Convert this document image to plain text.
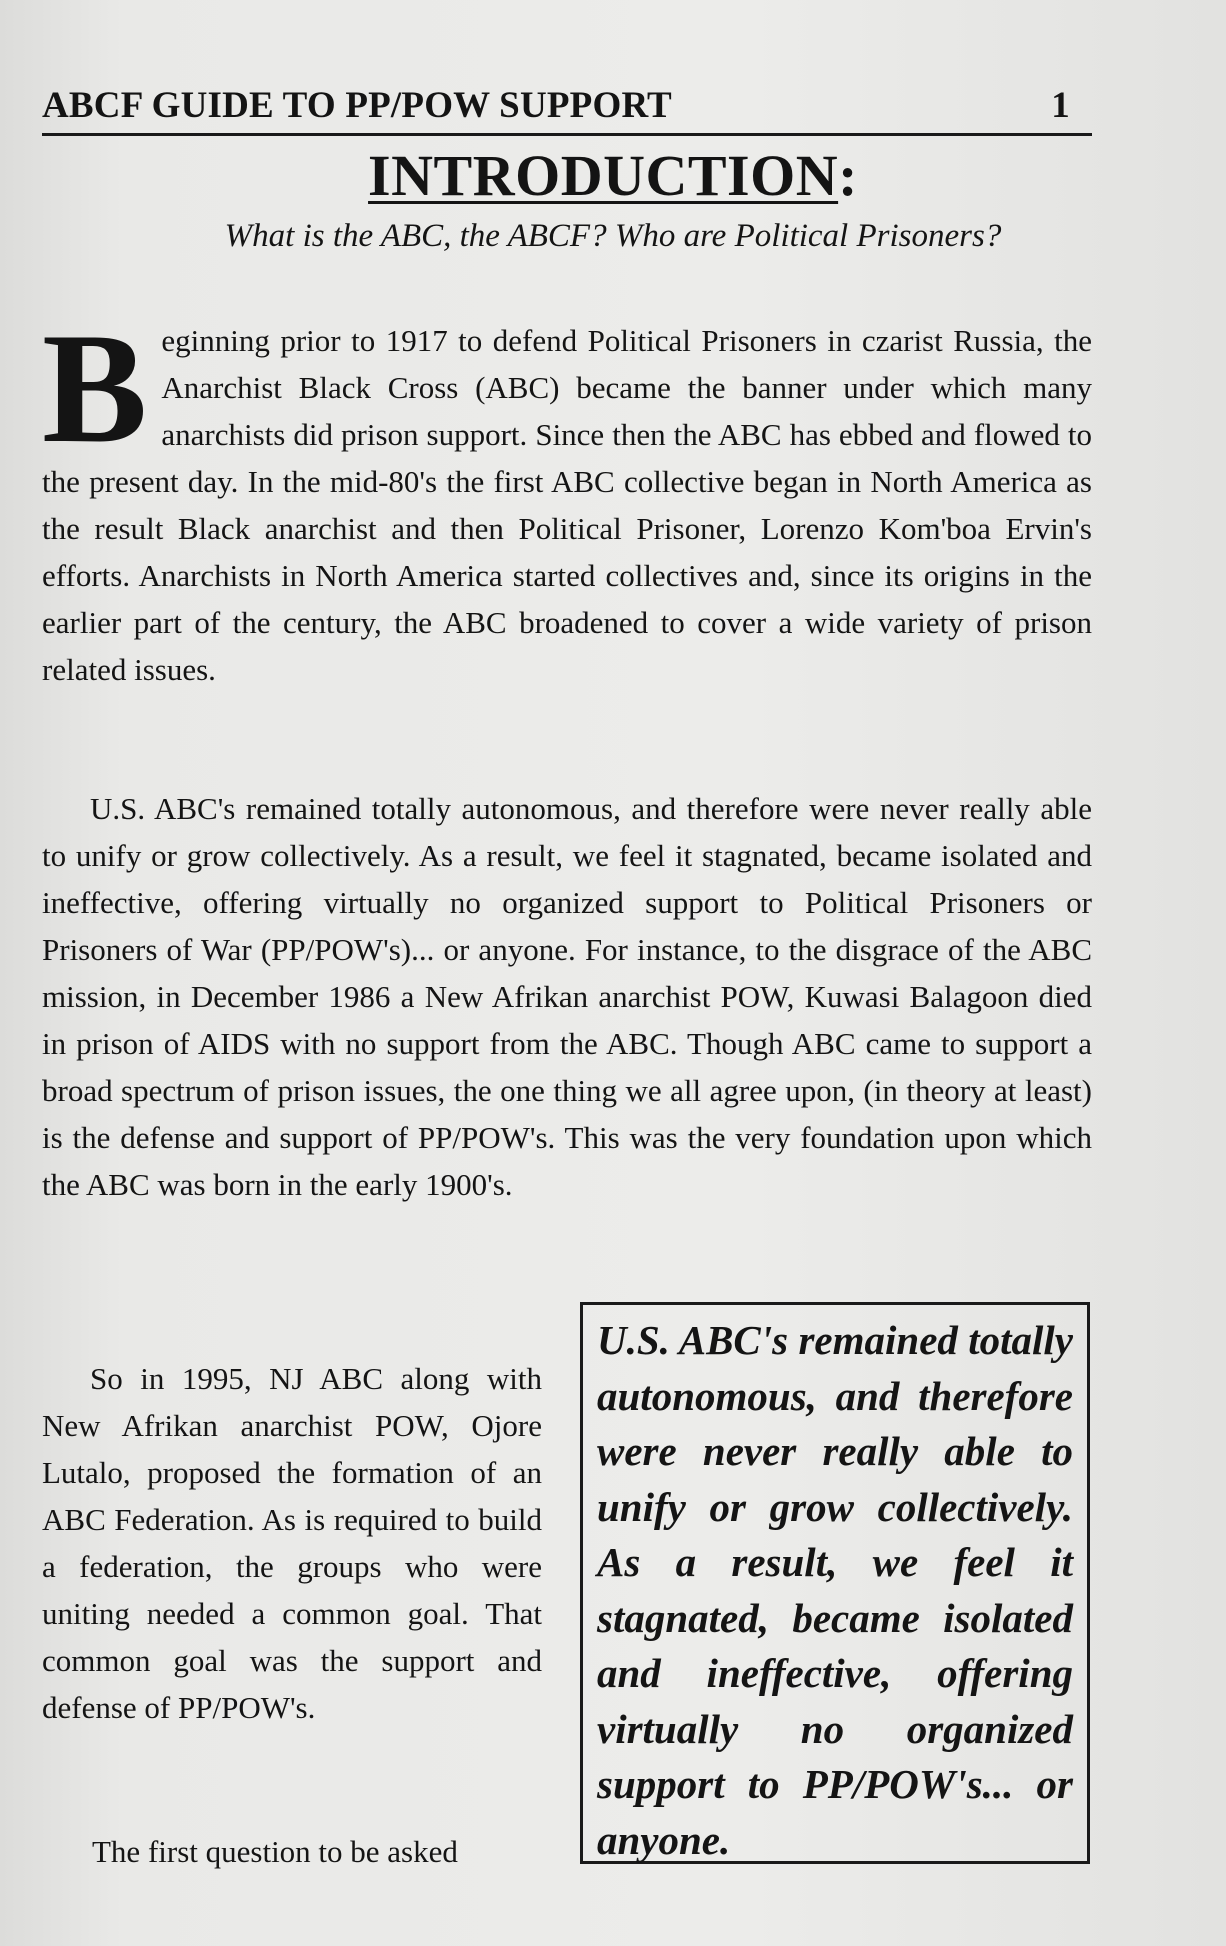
ABCF GUIDE TO PP/POW SUPPORT	1
INTRODUCTION:
What is the ABC, the ABCF? Who are Political Prisoners?
Beginning prior to 1917 to defend Political Prisoners in czarist Russia, the Anarchist Black Cross (ABC) became the banner under which many anarchists did prison support. Since then the ABC has ebbed and flowed to the present day. In the mid-80's the first ABC collective began in North America as the result Black anarchist and then Political Prisoner, Lorenzo Kom'boa Ervin's efforts. Anarchists in North America started collectives and, since its origins in the earlier part of the century, the ABC broadened to cover a wide variety of prison related issues.
U.S. ABC's remained totally autonomous, and therefore were never really able to unify or grow collectively. As a result, we feel it stagnated, became isolated and ineffective, offering virtually no organized support to Political Prisoners or Prisoners of War (PP/POW's)... or anyone. For instance, to the disgrace of the ABC mission, in December 1986 a New Afrikan anarchist POW, Kuwasi Balagoon died in prison of AIDS with no support from the ABC. Though ABC came to support a broad spectrum of prison issues, the one thing we all agree upon, (in theory at least) is the defense and support of PP/POW's. This was the very foundation upon which the ABC was born in the early 1900's.
So in 1995, NJ ABC along with New Afrikan anarchist POW, Ojore Lutalo, proposed the formation of an ABC Federation. As is required to build a federation, the groups who were uniting needed a common goal. That common goal was the support and defense of PP/POW's.
The first question to be asked
U.S. ABC's remained totally autonomous, and therefore were never really able to unify or grow collectively. As a result, we feel it stagnated, became isolated and ineffective, offering virtually no organized support to PP/POW's... or anyone.
